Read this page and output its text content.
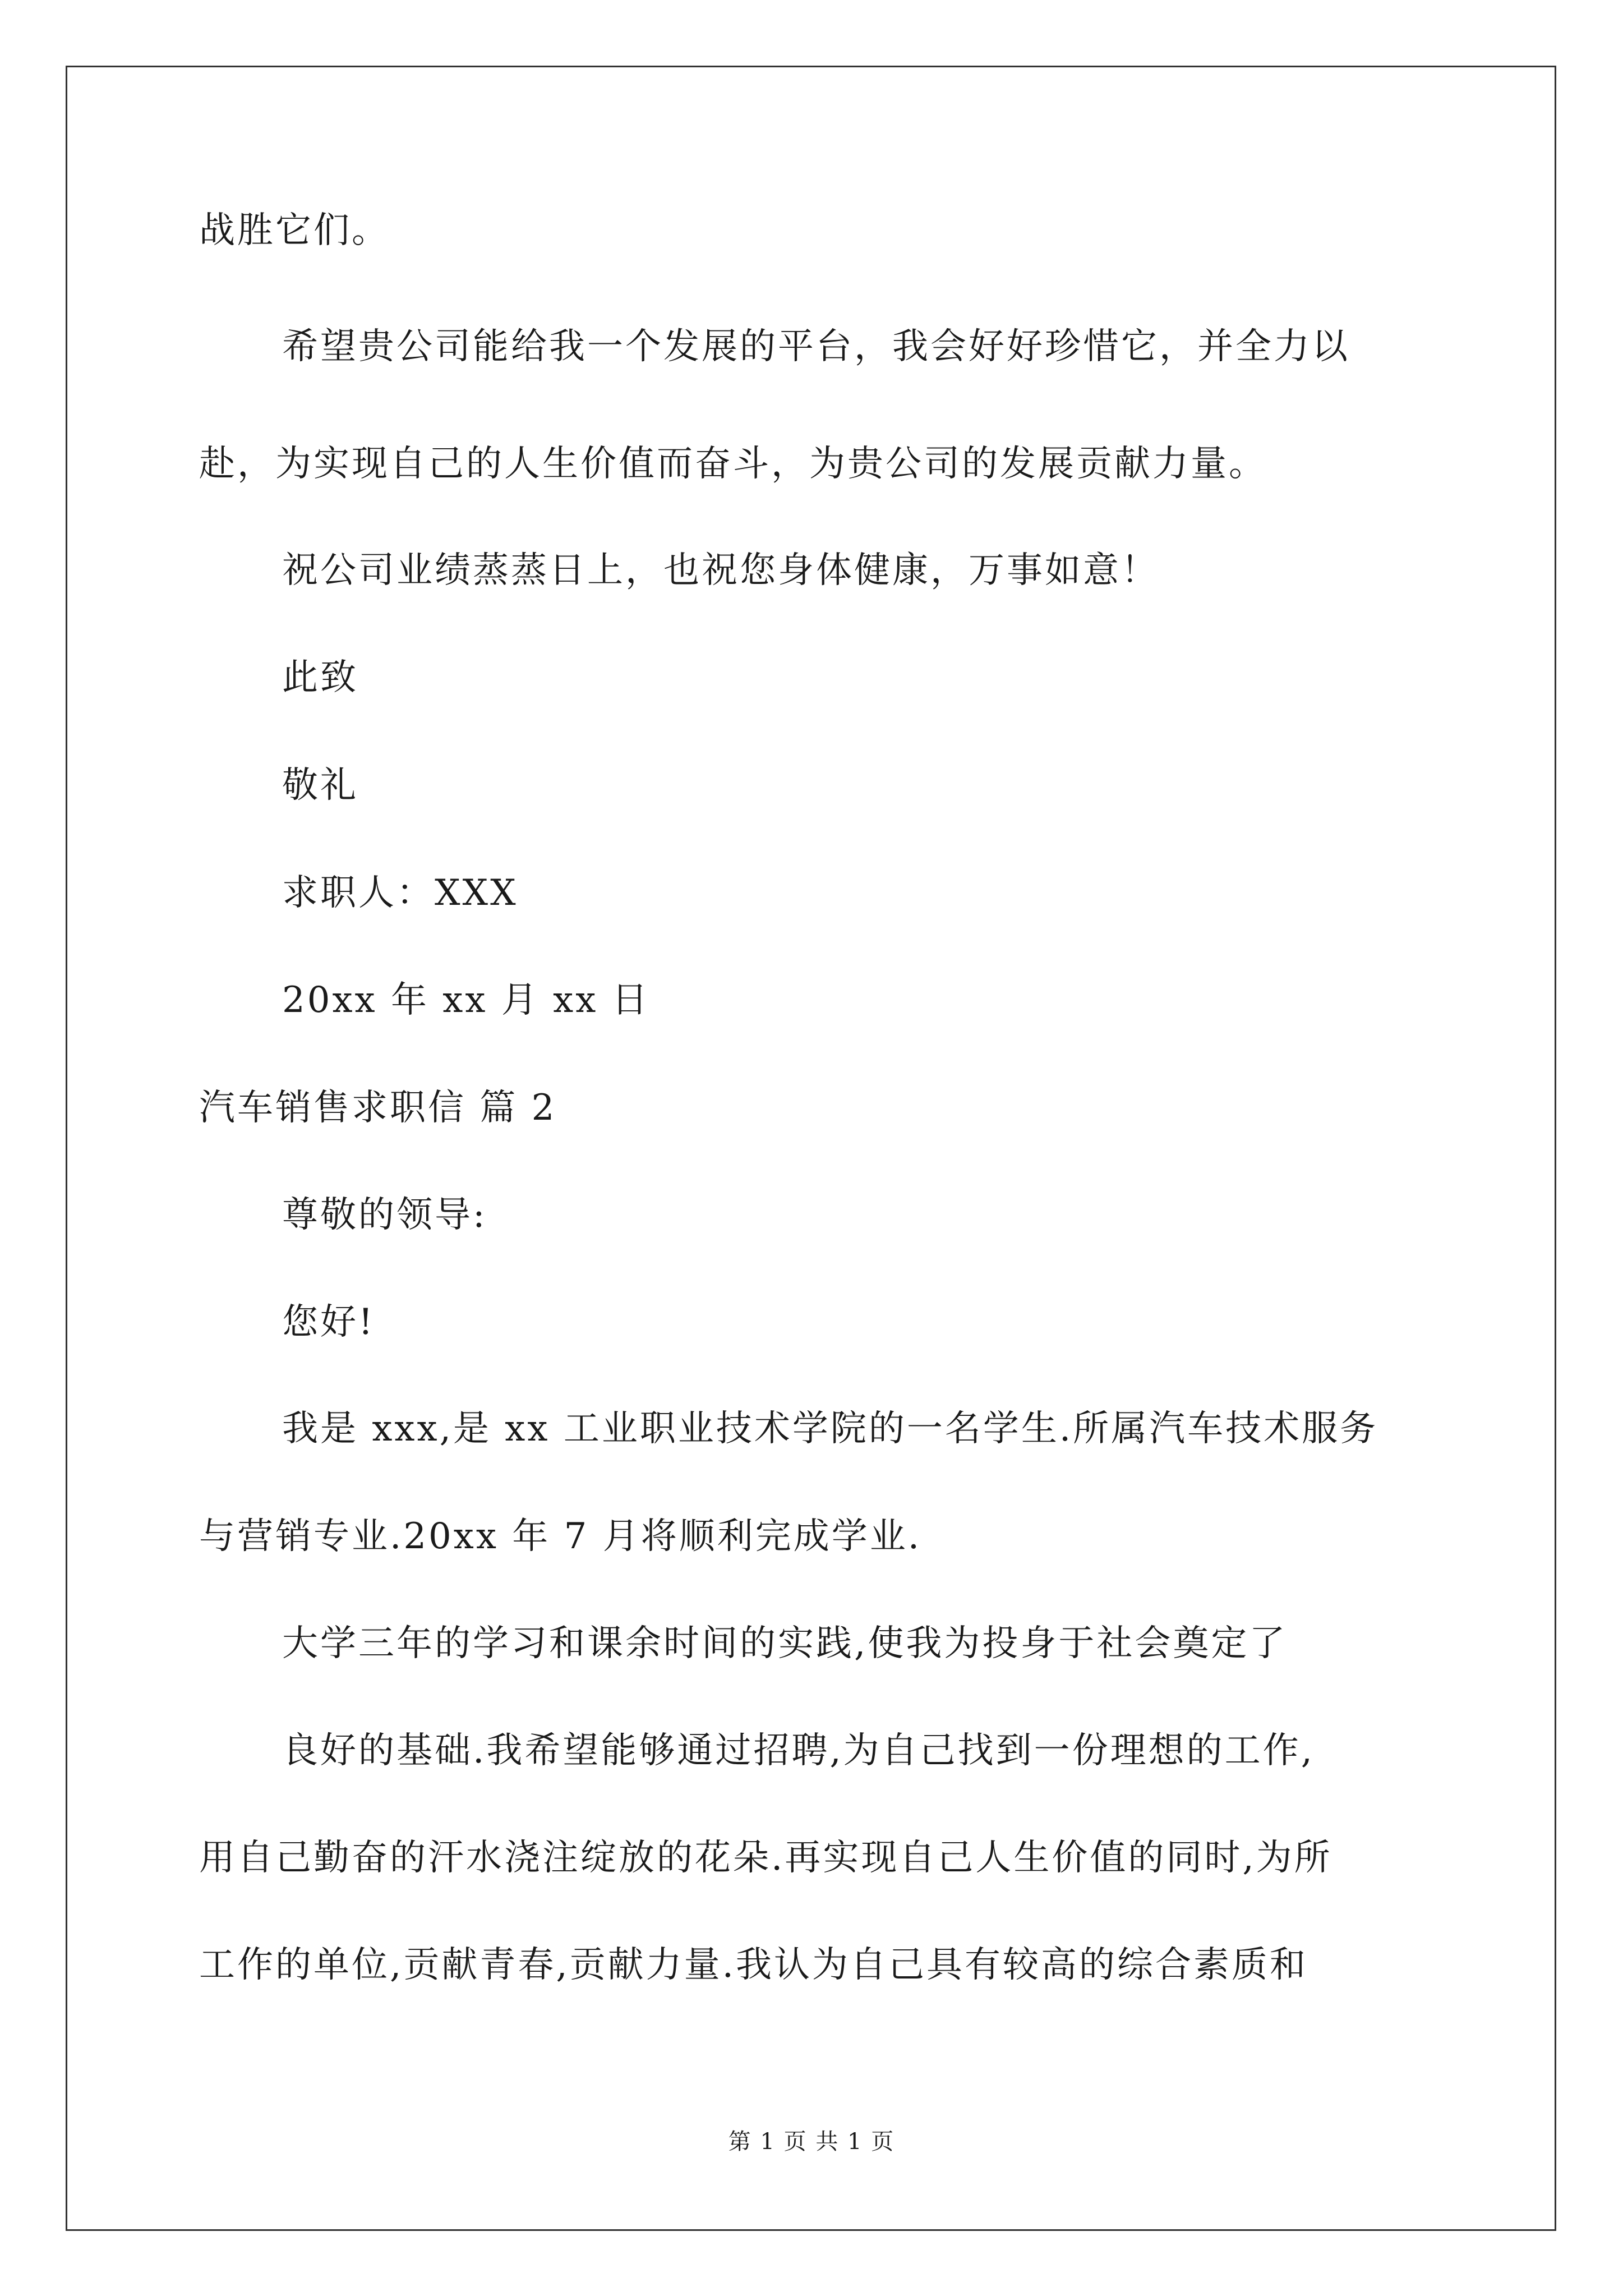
战胜它们。
希望贵公司能给我一个发展的平台，我会好好珍惜它，并全力以
赴，为实现自己的人生价值而奋斗，为贵公司的发展贡献力量。
祝公司业绩蒸蒸日上，也祝您身体健康，万事如意！
此致
敬礼
求职人：XXX
20xx 年 xx 月 xx 日
汽车销售求职信 篇 2
尊敬的领导:
您好!
我是 xxx,是 xx 工业职业技术学院的一名学生.所属汽车技术服务
与营销专业.20xx 年 7 月将顺利完成学业.
大学三年的学习和课余时间的实践,使我为投身于社会奠定了
良好的基础.我希望能够通过招聘,为自己找到一份理想的工作,
用自己勤奋的汗水浇注绽放的花朵.再实现自己人生价值的同时,为所
工作的单位,贡献青春,贡献力量.我认为自己具有较高的综合素质和
第 1 页 共 1 页
